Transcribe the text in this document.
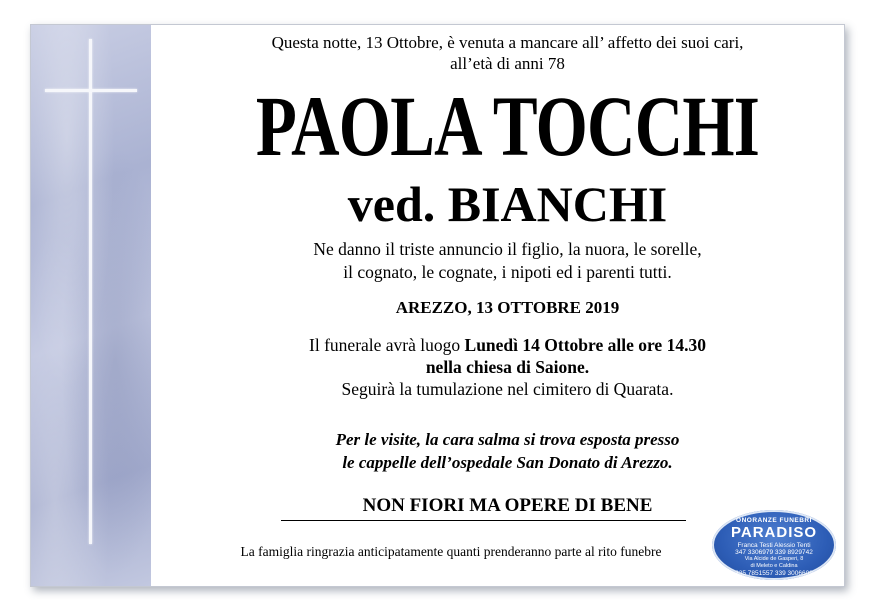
Questa notte, 13 Ottobre, è venuta a mancare all’ affetto dei suoi cari,
all’età di anni 78
PAOLA TOCCHI
ved. BIANCHI
Ne danno il triste annuncio il figlio, la nuora, le sorelle,
il cognato, le cognate, i nipoti ed i parenti tutti.
AREZZO, 13 OTTOBRE 2019
Il funerale avrà luogo Lunedì 14 Ottobre alle ore 14.30
nella chiesa di Saione.
Seguirà la tumulazione nel cimitero di Quarata.
Per le visite, la cara salma si trova esposta presso
le cappelle dell’ospedale San Donato di Arezzo.
NON FIORI MA OPERE DI BENE
La famiglia ringrazia anticipatamente quanti prenderanno parte al rito funebre
ONORANZE FUNEBRI
PARADISO
Franca Testi Alessio Tenti
347 3306979 339 8929742
Via Alcide de Gasperi, 8
di Meleto e Caldina
335 7851557 339 3006609
